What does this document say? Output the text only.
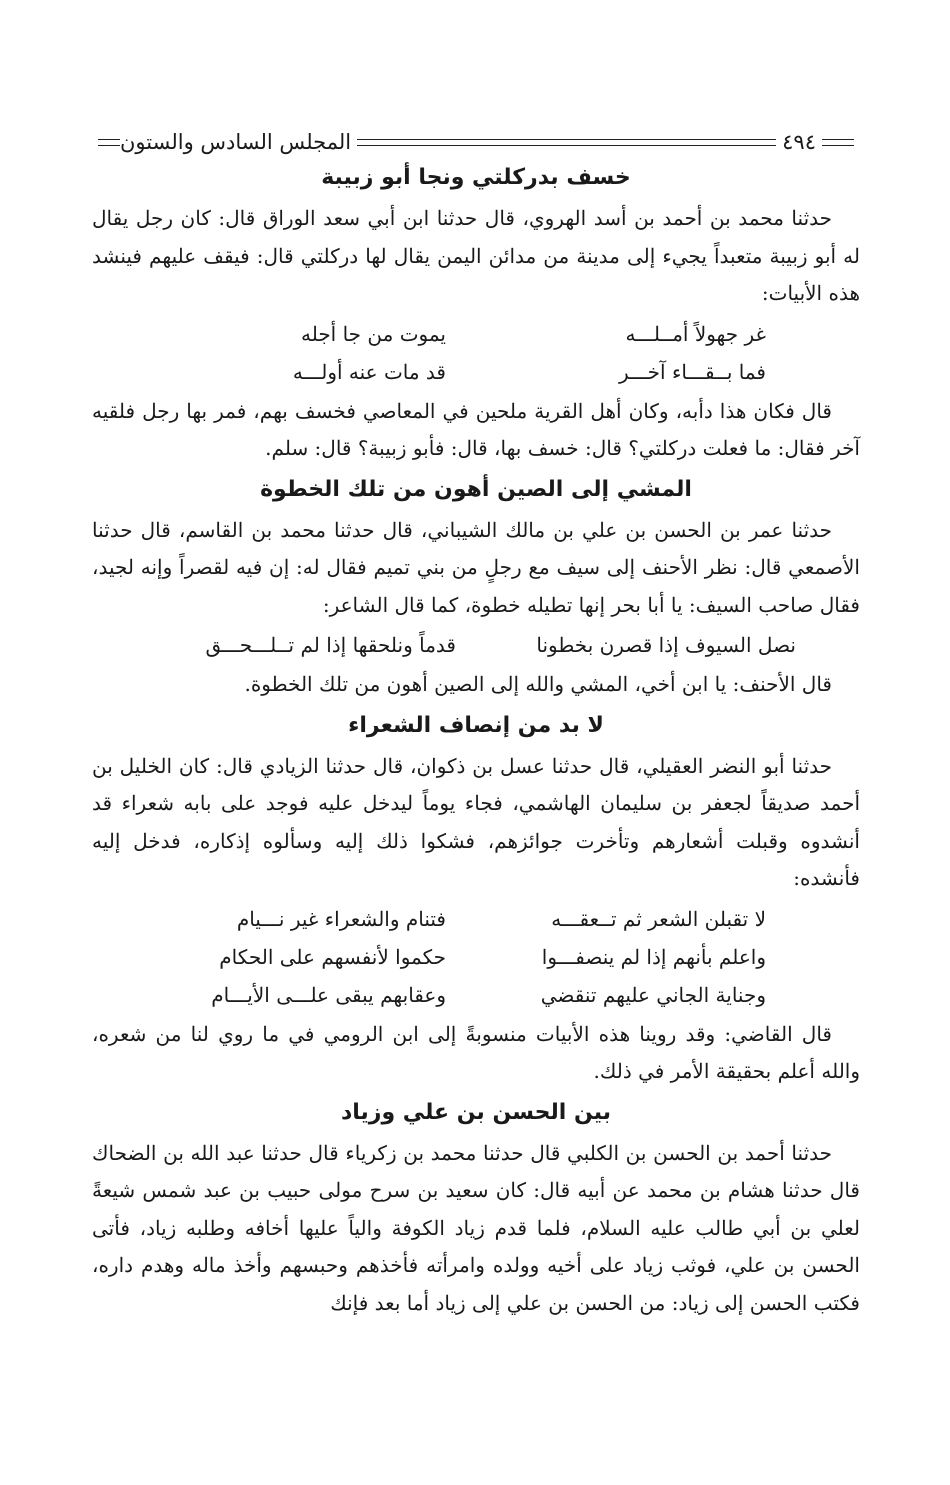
٤٩٤
المجلس السادس والستون
خسف بدركلتي ونجا أبو زبيبة

حدثنا محمد بن أحمد بن أسد الهروي، قال حدثنا ابن أبي سعد الوراق قال: كان رجل يقال له أبو زبيبة متعبداً يجيء إلى مدينة من مدائن اليمن يقال لها دركلتي قال: فيقف عليهم فينشد هذه الأبيات:

غر جهولاً أمــلـــه
يموت من جا أجله
فما بــقـــاء آخـــر
قد مات عنه أولـــه

قال فكان هذا دأبه، وكان أهل القرية ملحين في المعاصي فخسف بهم، فمر بها رجل فلقيه آخر فقال: ما فعلت دركلتي؟ قال: خسف بها، قال: فأبو زبيبة؟ قال: سلم.

المشي إلى الصين أهون من تلك الخطوة

حدثنا عمر بن الحسن بن علي بن مالك الشيباني، قال حدثنا محمد بن القاسم، قال حدثنا الأصمعي قال: نظر الأحنف إلى سيف مع رجلٍ من بني تميم فقال له: إن فيه لقصراً وإنه لجيد، فقال صاحب السيف: يا أبا بحر إنها تطيله خطوة، كما قال الشاعر:

نصل السيوف إذا قصرن بخطونا
قدماً ونلحقها إذا لم تــلـــحـــق

قال الأحنف: يا ابن أخي، المشي والله إلى الصين أهون من تلك الخطوة.

لا بد من إنصاف الشعراء

حدثنا أبو النضر العقيلي، قال حدثنا عسل بن ذكوان، قال حدثنا الزيادي قال: كان الخليل بن أحمد صديقاً لجعفر بن سليمان الهاشمي، فجاء يوماً ليدخل عليه فوجد على بابه شعراء قد أنشدوه وقبلت أشعارهم وتأخرت جوائزهم، فشكوا ذلك إليه وسألوه إذكاره، فدخل إليه فأنشده:

لا تقبلن الشعر ثم تــعقـــه
فتنام والشعراء غير نـــيام
واعلم بأنهم إذا لم ينصفـــوا
حكموا لأنفسهم على الحكام
وجناية الجاني عليهم تنقضي
وعقابهم يبقى علـــى الأيـــام

قال القاضي: وقد روينا هذه الأبيات منسوبةً إلى ابن الرومي في ما روي لنا من شعره، والله أعلم بحقيقة الأمر في ذلك.

بين الحسن بن علي وزياد

حدثنا أحمد بن الحسن بن الكلبي قال حدثنا محمد بن زكرياء قال حدثنا عبد الله بن الضحاك قال حدثنا هشام بن محمد عن أبيه قال: كان سعيد بن سرح مولى حبيب بن عبد شمس شيعةً لعلي بن أبي طالب عليه السلام، فلما قدم زياد الكوفة والياً عليها أخافه وطلبه زياد، فأتى الحسن بن علي، فوثب زياد على أخيه وولده وامرأته فأخذهم وحبسهم وأخذ ماله وهدم داره، فكتب الحسن إلى زياد: من الحسن بن علي إلى زياد أما بعد فإنك
